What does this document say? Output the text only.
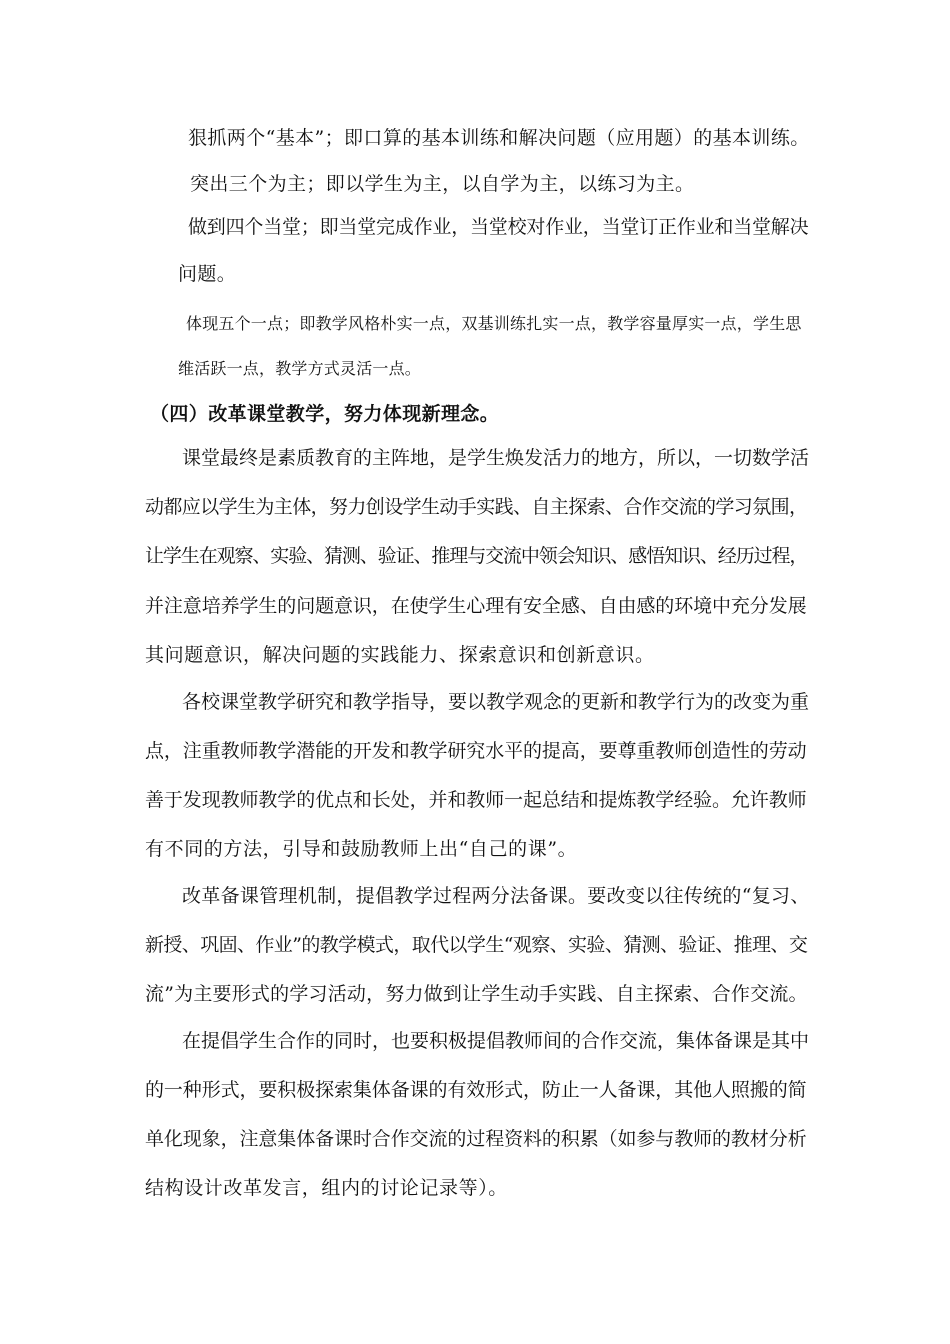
狠抓两个“基本”；即口算的基本训练和解决问题（应用题）的基本训练。
突出三个为主；即以学生为主，以自学为主，以练习为主。
做到四个当堂；即当堂完成作业，当堂校对作业，当堂订正作业和当堂解决
问题。
体现五个一点；即教学风格朴实一点，双基训练扎实一点，教学容量厚实一点，学生思
维活跃一点，教学方式灵活一点。
（四）改革课堂教学，努力体现新理念。
课堂最终是素质教育的主阵地，是学生焕发活力的地方，所以，一切数学活
动都应以学生为主体，努力创设学生动手实践、自主探索、合作交流的学习氛围，
让学生在观察、实验、猜测、验证、推理与交流中领会知识、感悟知识、经历过程，
并注意培养学生的问题意识，在使学生心理有安全感、自由感的环境中充分发展
其问题意识，解决问题的实践能力、探索意识和创新意识。
各校课堂教学研究和教学指导，要以教学观念的更新和教学行为的改变为重
点，注重教师教学潜能的开发和教学研究水平的提高，要尊重教师创造性的劳动
善于发现教师教学的优点和长处，并和教师一起总结和提炼教学经验。允许教师
有不同的方法，引导和鼓励教师上出“自己的课”。
改革备课管理机制，提倡教学过程两分法备课。要改变以往传统的“复习、
新授、巩固、作业”的教学模式，取代以学生“观察、实验、猜测、验证、推理、交
流”为主要形式的学习活动，努力做到让学生动手实践、自主探索、合作交流。
在提倡学生合作的同时，也要积极提倡教师间的合作交流，集体备课是其中
的一种形式，要积极探索集体备课的有效形式，防止一人备课，其他人照搬的简
单化现象，注意集体备课时合作交流的过程资料的积累（如参与教师的教材分析
结构设计改革发言，组内的讨论记录等）。
